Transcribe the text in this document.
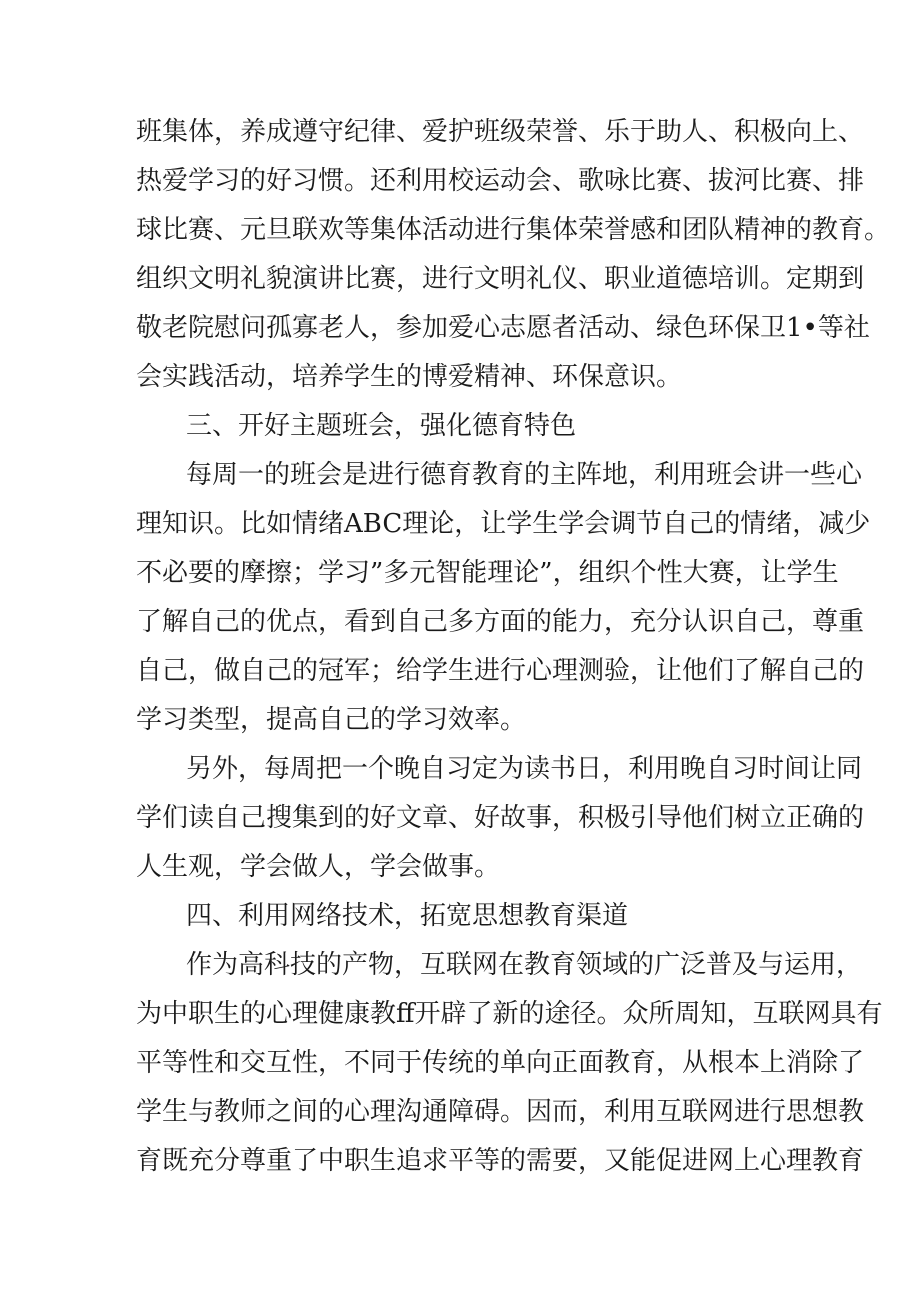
班集体，养成遵守纪律、爱护班级荣誉、乐于助人、积极向上、
热爱学习的好习惯。还利用校运动会、歌咏比赛、拔河比赛、排
球比赛、元旦联欢等集体活动进行集体荣誉感和团队精神的教育。
组织文明礼貌演讲比赛，进行文明礼仪、职业道德培训。定期到
敬老院慰问孤寡老人，参加爱心志愿者活动、绿色环保卫1•等社
会实践活动，培养学生的博爱精神、环保意识。
三、开好主题班会，强化德育特色
每周一的班会是进行德育教育的主阵地，利用班会讲一些心
理知识。比如情绪ABC理论，让学生学会调节自己的情绪，减少
不必要的摩擦；学习”多元智能理论”，组织个性大赛，让学生
了解自己的优点，看到自己多方面的能力，充分认识自己，尊重
自己，做自己的冠军；给学生进行心理测验，让他们了解自己的
学习类型，提高自己的学习效率。
另外，每周把一个晚自习定为读书日，利用晚自习时间让同
学们读自己搜集到的好文章、好故事，积极引导他们树立正确的
人生观，学会做人，学会做事。
四、利用网络技术，拓宽思想教育渠道
作为高科技的产物，互联网在教育领域的广泛普及与运用，
为中职生的心理健康教ff开辟了新的途径。众所周知，互联网具有
平等性和交互性，不同于传统的单向正面教育，从根本上消除了
学生与教师之间的心理沟通障碍。因而，利用互联网进行思想教
育既充分尊重了中职生追求平等的需要，又能促进网上心理教育
